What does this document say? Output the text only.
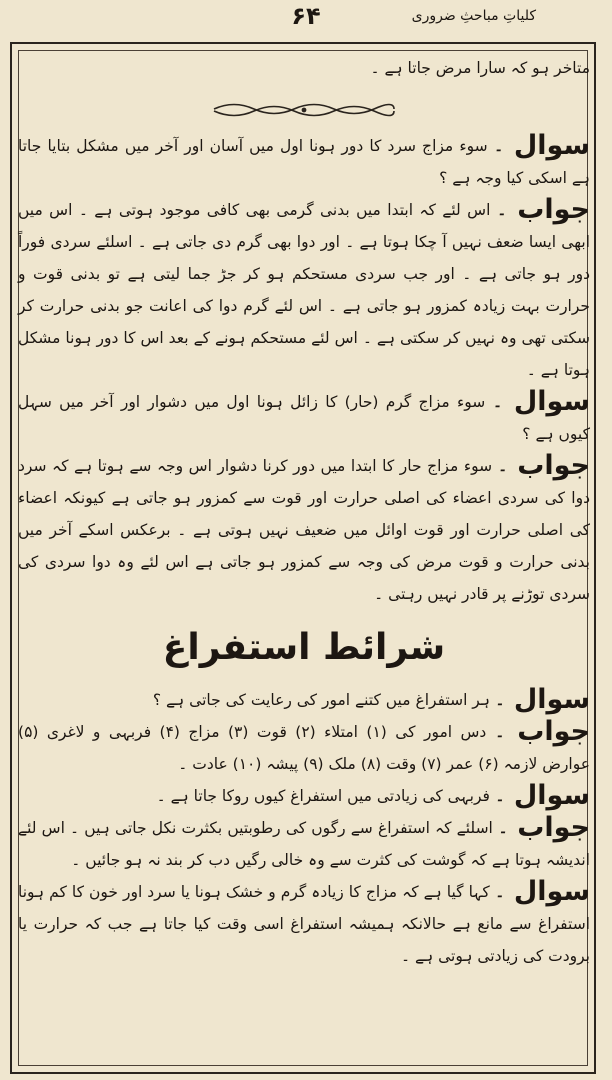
۶۴	کلیاتِ مباحثِ ضروری

متاخر ہو کہ سارا مرض جاتا ہے ۔

سوال ۔ سوء مزاج سرد کا دور ہونا اول میں آسان اور آخر میں مشکل بتایا جاتا ہے اسکی کیا وجہ ہے ؟

جواب ۔ اس لئے کہ ابتدا میں بدنی گرمی بھی کافی موجود ہوتی ہے ۔ اس میں ابھی ایسا ضعف نہیں آ چکا ہوتا ہے ۔ اور دوا بھی گرم دی جاتی ہے ۔ اسلئے سردی فوراً دور ہو جاتی ہے ۔ اور جب سردی مستحکم ہو کر جڑ جما لیتی ہے تو بدنی قوت و حرارت بہت زیادہ کمزور ہو جاتی ہے ۔ اس لئے گرم دوا کی اعانت جو بدنی حرارت کر سکتی تھی وہ نہیں کر سکتی ہے ۔ اس لئے مستحکم ہونے کے بعد اس کا دور ہونا مشکل ہوتا ہے ۔

سوال ۔ سوء مزاج گرم (حار) کا زائل ہونا اول میں دشوار اور آخر میں سہل کیوں ہے ؟

جواب ۔ سوء مزاج حار کا ابتدا میں دور کرنا دشوار اس وجہ سے ہوتا ہے کہ سرد دوا کی سردی اعضاء کی اصلی حرارت اور قوت سے کمزور ہو جاتی ہے کیونکہ اعضاء کی اصلی حرارت اور قوت اوائل میں ضعیف نہیں ہوتی ہے ۔ برعکس اسکے آخر میں بدنی حرارت و قوت مرض کی وجہ سے کمزور ہو جاتی ہے اس لئے وہ دوا سردی کی سردی توڑنے پر قادر نہیں رہتی ۔

شرائط استفراغ

سوال ۔ ہر استفراغ میں کتنے امور کی رعایت کی جاتی ہے ؟

جواب ۔ دس امور کی (۱) امتلاء (۲) قوت (۳) مزاج (۴) فربہی و لاغری (۵) عوارض لازمہ (۶) عمر (۷) وقت (۸) ملک (۹) پیشہ (۱۰) عادت ۔

سوال ۔ فربہی کی زیادتی میں استفراغ کیوں روکا جاتا ہے ۔

جواب ۔ اسلئے کہ استفراغ سے رگوں کی رطوبتیں بکثرت نکل جاتی ہیں ۔ اس لئے اندیشہ ہوتا ہے کہ گوشت کی کثرت سے وہ خالی رگیں دب کر بند نہ ہو جائیں ۔

سوال ۔ کہا گیا ہے کہ مزاج کا زیادہ گرم و خشک ہونا یا سرد اور خون کا کم ہونا استفراغ سے مانع ہے حالانکہ ہمیشہ استفراغ اسی وقت کیا جاتا ہے جب کہ حرارت یا برودت کی زیادتی ہوتی ہے ۔
